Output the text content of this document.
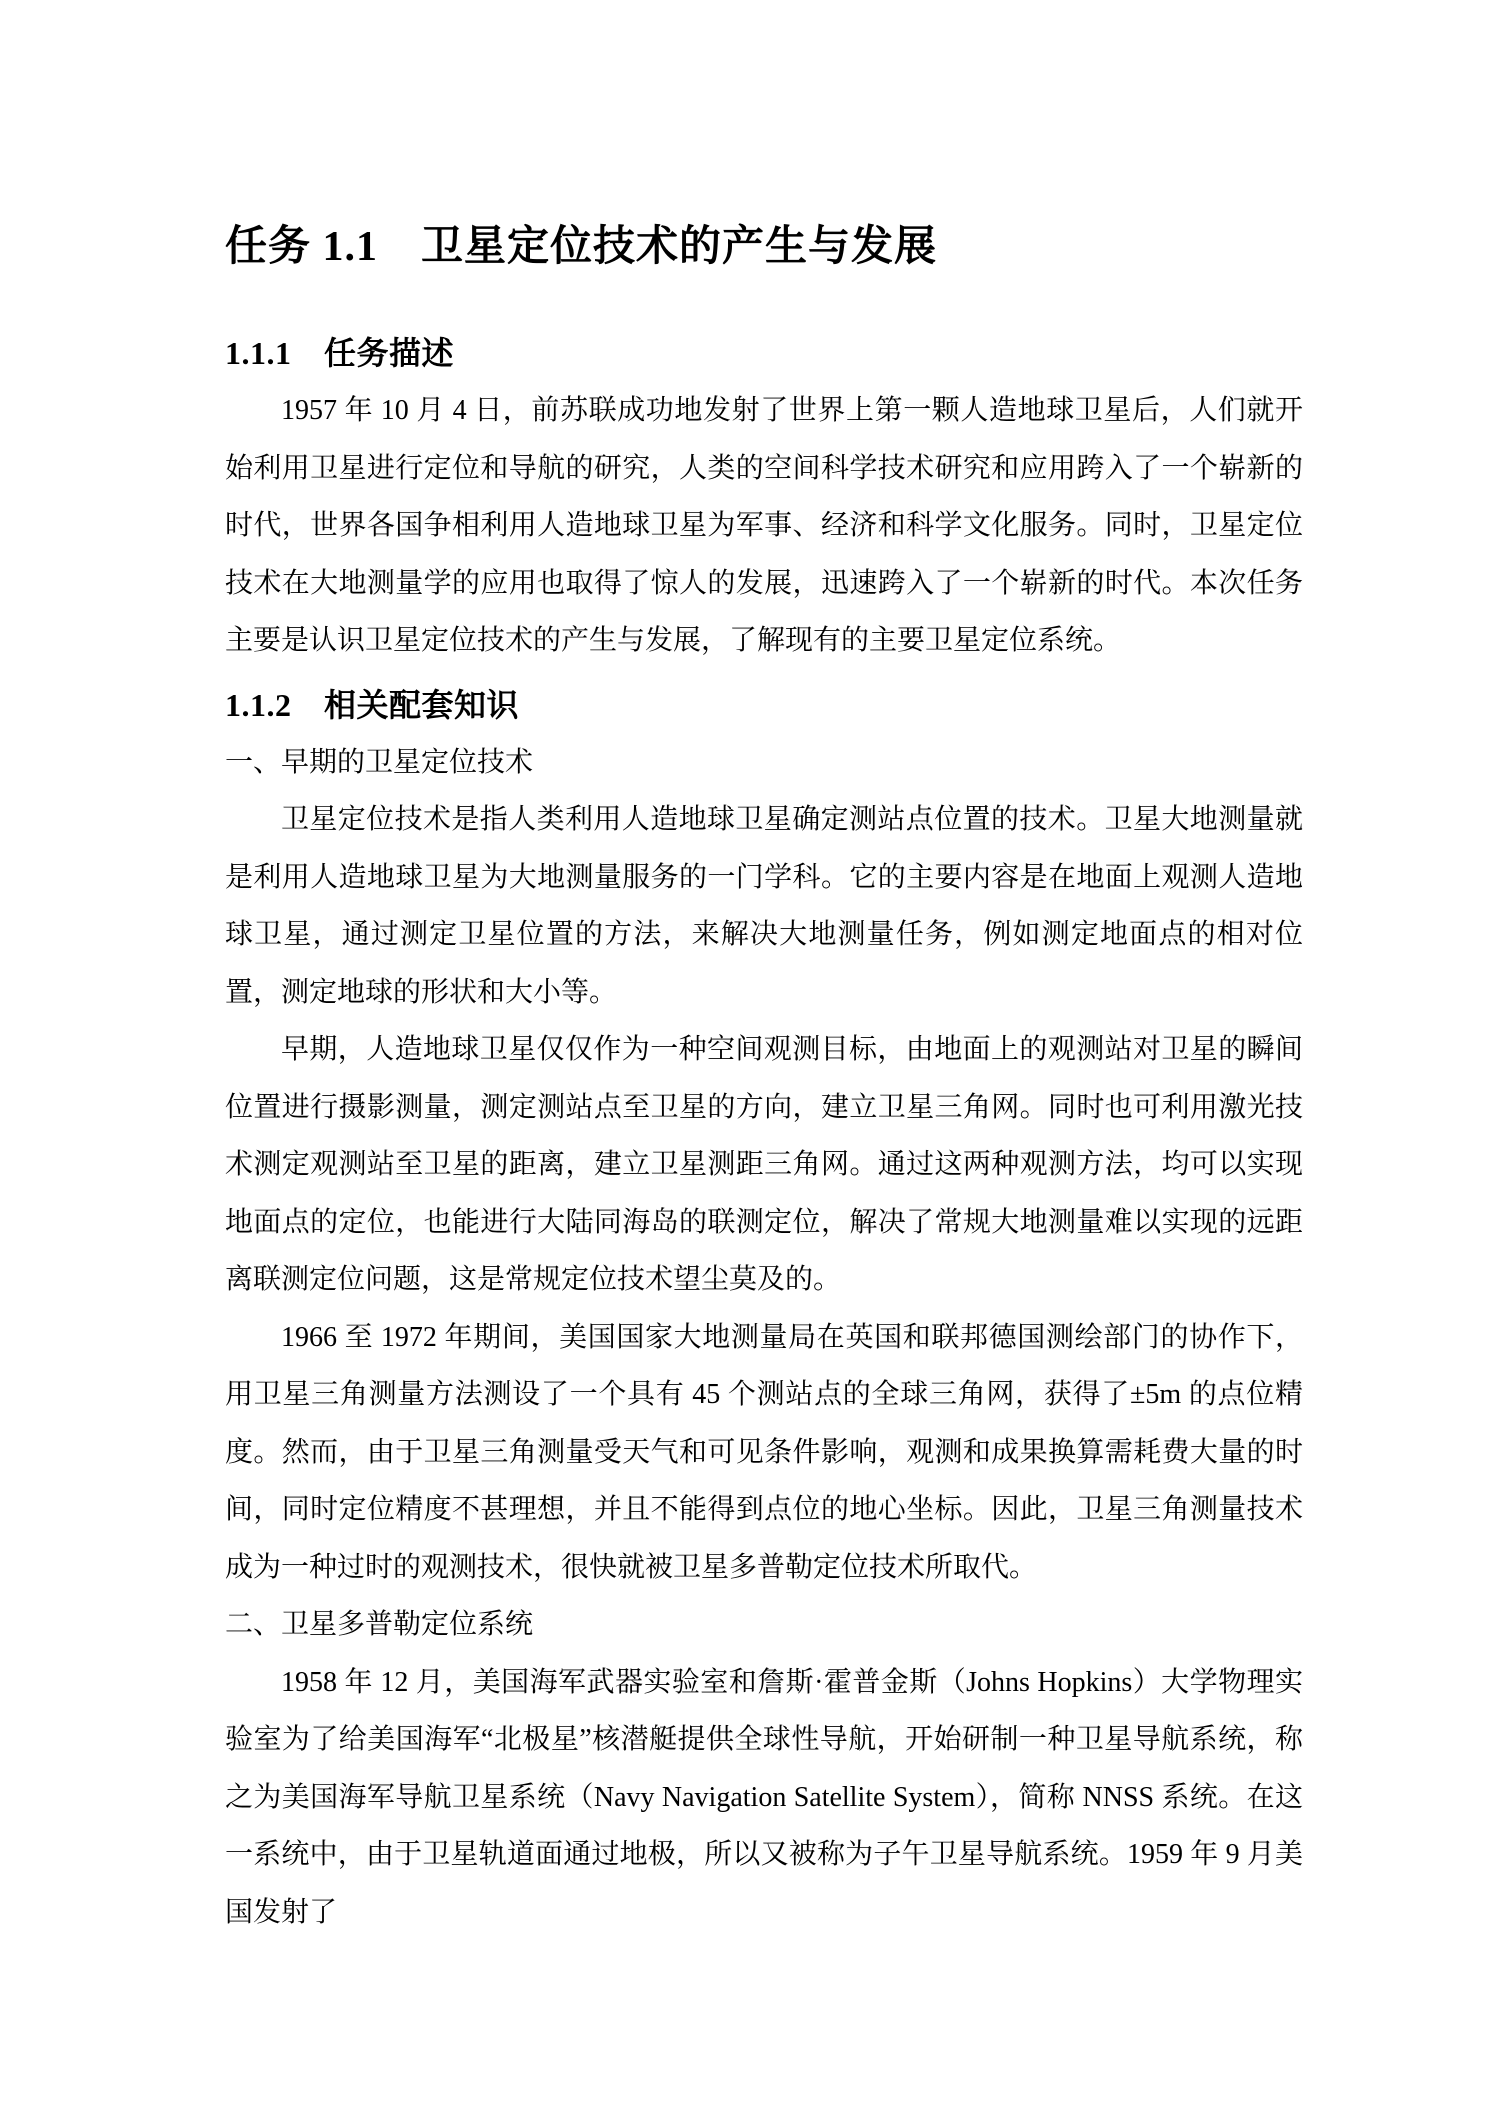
任务 1.1　卫星定位技术的产生与发展
1.1.1　任务描述

1957 年 10 月 4 日，前苏联成功地发射了世界上第一颗人造地球卫星后，人们就开始利用卫星进行定位和导航的研究，人类的空间科学技术研究和应用跨入了一个崭新的时代，世界各国争相利用人造地球卫星为军事、经济和科学文化服务。同时，卫星定位技术在大地测量学的应用也取得了惊人的发展，迅速跨入了一个崭新的时代。本次任务主要是认识卫星定位技术的产生与发展，了解现有的主要卫星定位系统。

1.1.2　相关配套知识
一、早期的卫星定位技术

卫星定位技术是指人类利用人造地球卫星确定测站点位置的技术。卫星大地测量就是利用人造地球卫星为大地测量服务的一门学科。它的主要内容是在地面上观测人造地球卫星，通过测定卫星位置的方法，来解决大地测量任务，例如测定地面点的相对位置，测定地球的形状和大小等。

早期，人造地球卫星仅仅作为一种空间观测目标，由地面上的观测站对卫星的瞬间位置进行摄影测量，测定测站点至卫星的方向，建立卫星三角网。同时也可利用激光技术测定观测站至卫星的距离，建立卫星测距三角网。通过这两种观测方法，均可以实现地面点的定位，也能进行大陆同海岛的联测定位，解决了常规大地测量难以实现的远距离联测定位问题，这是常规定位技术望尘莫及的。

1966 至 1972 年期间，美国国家大地测量局在英国和联邦德国测绘部门的协作下，用卫星三角测量方法测设了一个具有 45 个测站点的全球三角网，获得了±5m 的点位精度。然而，由于卫星三角测量受天气和可见条件影响，观测和成果换算需耗费大量的时间，同时定位精度不甚理想，并且不能得到点位的地心坐标。因此，卫星三角测量技术成为一种过时的观测技术，很快就被卫星多普勒定位技术所取代。

二、卫星多普勒定位系统

1958 年 12 月，美国海军武器实验室和詹斯·霍普金斯（Johns Hopkins）大学物理实验室为了给美国海军“北极星”核潜艇提供全球性导航，开始研制一种卫星导航系统，称之为美国海军导航卫星系统（Navy Navigation Satellite System），简称 NNSS 系统。在这一系统中，由于卫星轨道面通过地极，所以又被称为子午卫星导航系统。1959 年 9 月美国发射了
